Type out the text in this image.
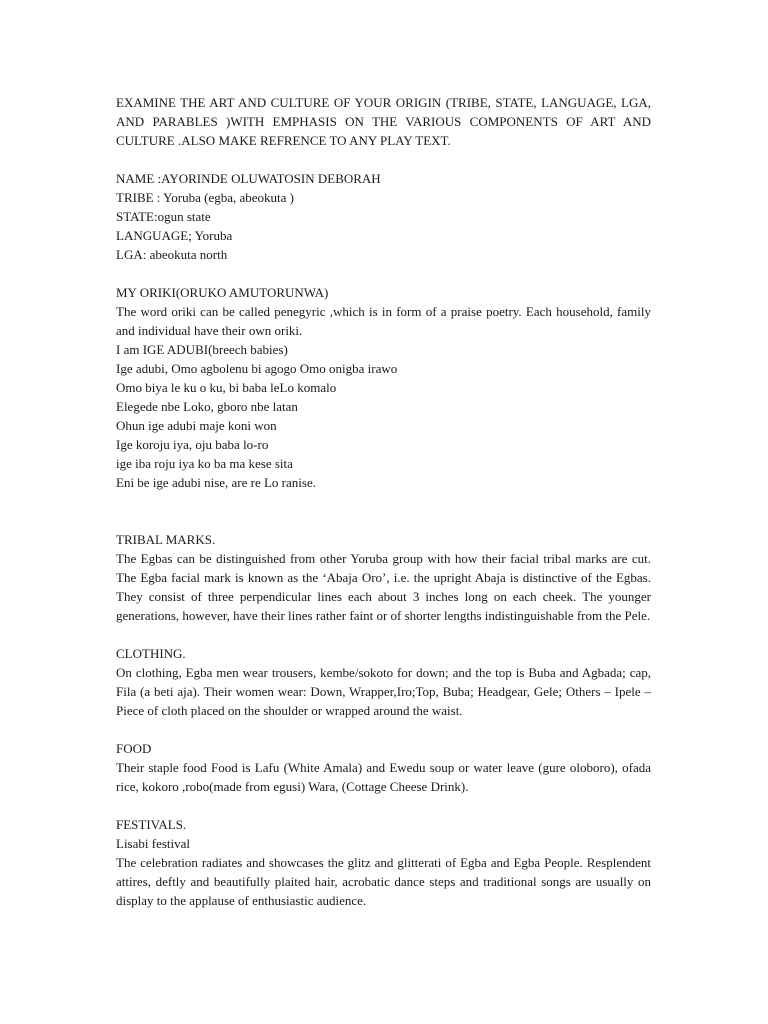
EXAMINE THE ART AND CULTURE OF YOUR ORIGIN (TRIBE, STATE, LANGUAGE, LGA, AND PARABLES )WITH EMPHASIS ON THE VARIOUS COMPONENTS OF ART AND CULTURE .ALSO MAKE REFRENCE TO ANY PLAY TEXT.

NAME :AYORINDE OLUWATOSIN DEBORAH

TRIBE : Yoruba (egba, abeokuta )

STATE:ogun state

LANGUAGE; Yoruba

LGA: abeokuta north

MY ORIKI(ORUKO AMUTORUNWA)

The word oriki can be called penegyric ,which is in form of a praise poetry. Each household, family and individual have their own oriki.

I am IGE ADUBI(breech babies)

Ige adubi, Omo agbolenu bi agogo Omo onigba irawo

Omo biya le ku o ku, bi baba leLo komalo

Elegede nbe Loko, gboro nbe latan

Ohun ige adubi maje koni won

Ige koroju iya, oju baba lo-ro

ige iba roju iya ko ba ma kese sita

Eni be ige adubi nise, are re Lo ranise.

TRIBAL MARKS.

The Egbas can be distinguished from other Yoruba group with how their facial tribal marks are cut. The Egba facial mark is known as the ‘Abaja Oro’, i.e. the upright Abaja is distinctive of the Egbas. They consist of three perpendicular lines each about 3 inches long on each cheek. The younger generations, however, have their lines rather faint or of shorter lengths indistinguishable from the Pele.

CLOTHING.

On clothing, Egba men wear trousers, kembe/sokoto for down; and the top is Buba and Agbada; cap, Fila (a beti aja). Their women wear: Down, Wrapper,Iro;Top, Buba; Headgear, Gele; Others – Ipele – Piece of cloth placed on the shoulder or wrapped around the waist.

FOOD

Their staple food Food is Lafu (White Amala) and Ewedu soup or water leave (gure oloboro), ofada rice, kokoro ,robo(made from egusi) Wara, (Cottage Cheese Drink).

FESTIVALS.

Lisabi festival

The celebration radiates and showcases the glitz and glitterati of Egba and Egba People. Resplendent attires, deftly and beautifully plaited hair, acrobatic dance steps and traditional songs are usually on display to the applause of enthusiastic audience.
